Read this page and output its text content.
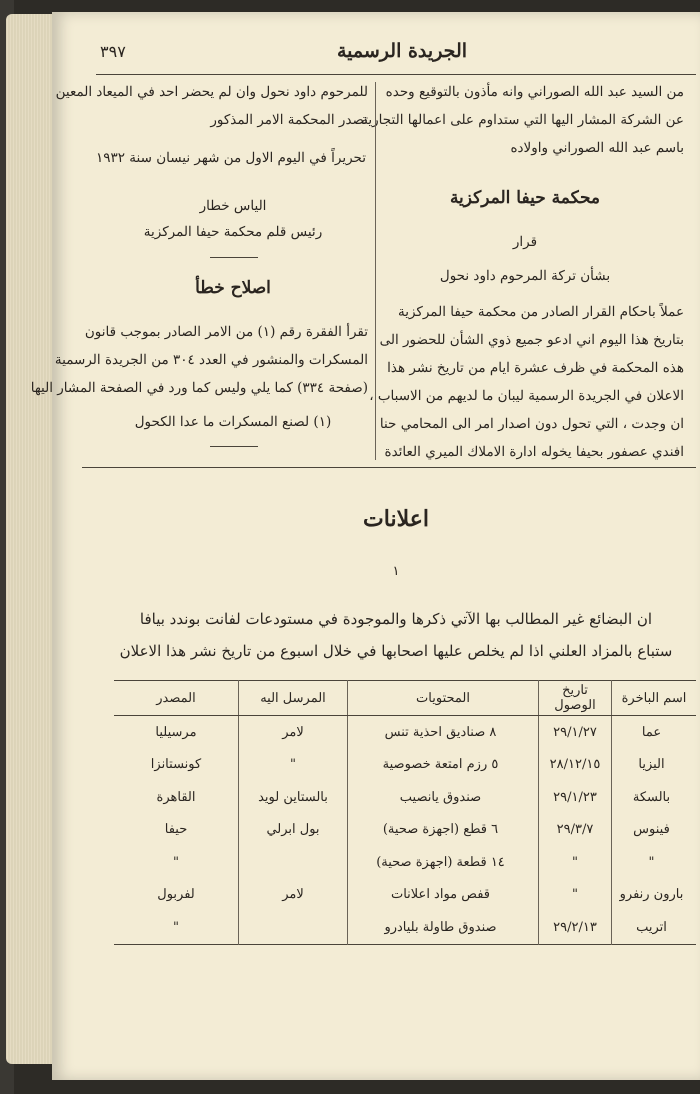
الجريدة الرسمية
٣٩٧
من السيد عبد الله الصوراني وانه مأذون بالتوقيع وحده
عن الشركة المشار اليها التي ستداوم على اعمالها التجارية
باسم عبد الله الصوراني واولاده
محكمة حيفا المركزية
قرار
بشأن تركة المرحوم داود نحول
عملاً باحكام القرار الصادر من محكمة حيفا المركزية
بتاريخ هذا اليوم اني ادعو جميع ذوي الشأن للحضور الى
هذه المحكمة في ظرف عشرة ايام من تاريخ نشر هذا
الاعلان في الجريدة الرسمية ليبان ما لديهم من الاسباب ،
ان وجدت ، التي تحول دون اصدار امر الى المحامي حنا
افندي عصفور بحيفا يخوله ادارة الاملاك الميري العائدة
للمرحوم داود نحول وان لم يحضر احد في الميعاد المعين
تصدر المحكمة الامر المذكور
تحريراً في اليوم الاول من شهر نيسان سنة ١٩٣٢
الياس خطار
رئيس قلم محكمة حيفا المركزية
اصلاح خطأ
تقرأ الفقرة رقم (١) من الامر الصادر بموجب قانون
المسكرات والمنشور في العدد ٣٠٤ من الجريدة الرسمية
(صفحة ٣٣٤) كما يلي وليس كما ورد في الصفحة المشار اليها
(١) لصنع المسكرات ما عدا الكحول
اعلانات
١
ان البضائع غير المطالب بها الآتي ذكرها والموجودة في مستودعات لفانت بوندد بيافا
ستباع بالمزاد العلني اذا لم يخلص عليها اصحابها في خلال اسبوع من تاريخ نشر هذا الاعلان
اسم الباخرة	تاريخ الوصول	المحتويات	المرسل اليه	المصدر
عما	٢٩/١/٢٧	٨ صناديق احذية تنس	لامر	مرسيليا
اليزيا	٢٨/١٢/١٥	٥ رزم امتعة خصوصية	"	كونستانزا
بالسكة	٢٩/١/٢٣	صندوق يانصيب	بالستاين لويد	القاهرة
فينوس	٢٩/٣/٧	٦ قطع (اجهزة صحية)	بول ابرلي	حيفا
"	"	١٤ قطعة (اجهزة صحية)		"
بارون رنفرو	"	قفص مواد اعلانات	لامر	لفربول
اتريب	٢٩/٢/١٣	صندوق طاولة بليادرو		"
